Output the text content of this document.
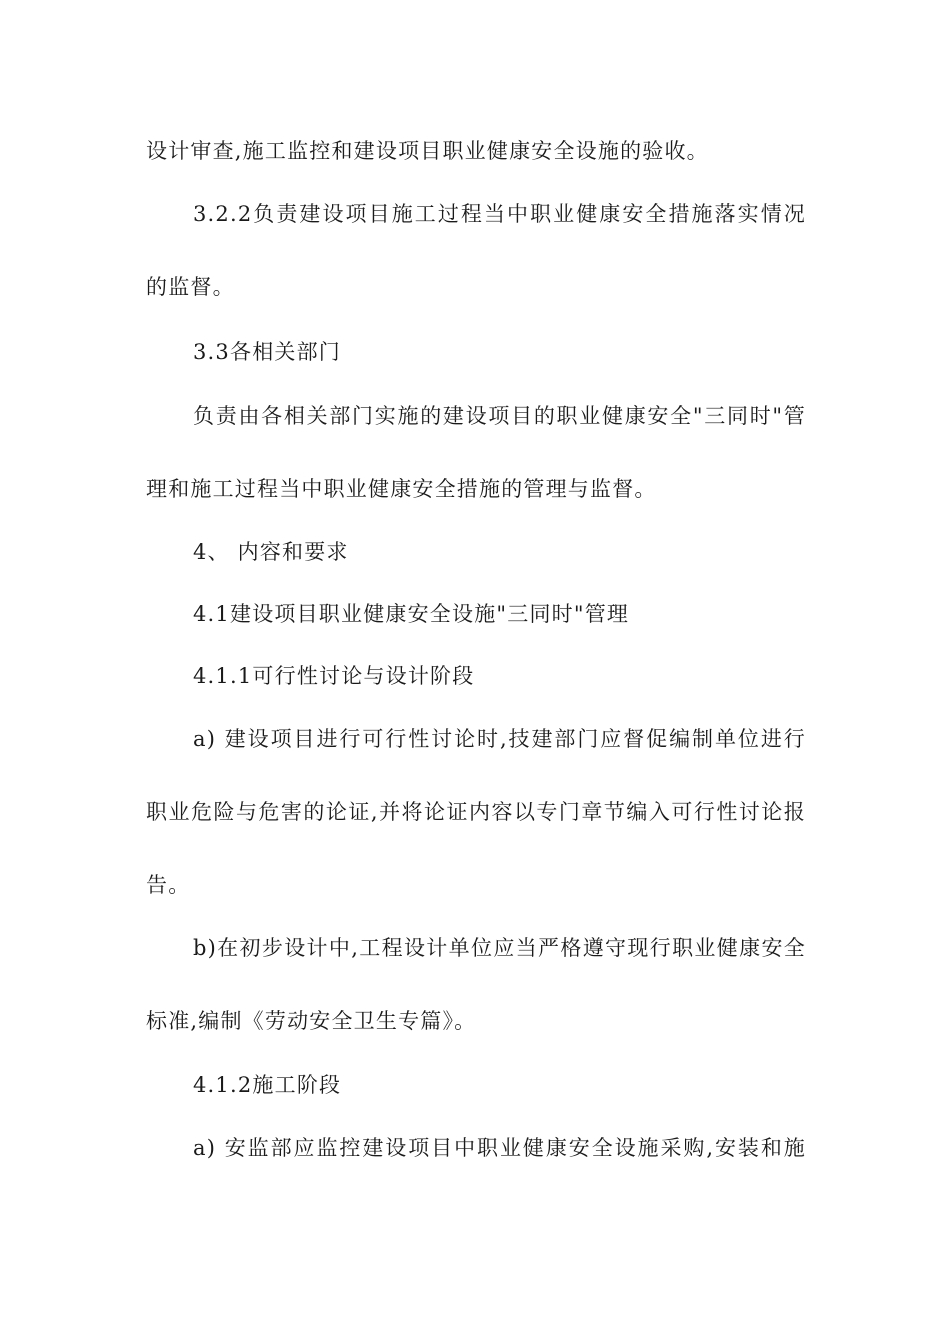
设计审查,施工监控和建设项目职业健康安全设施的验收。
3.2.2负责建设项目施工过程当中职业健康安全措施落实情况
的监督。
3.3各相关部门
负责由各相关部门实施的建设项目的职业健康安全"三同时"管
理和施工过程当中职业健康安全措施的管理与监督。
4、 内容和要求
4.1建设项目职业健康安全设施"三同时"管理
4.1.1可行性讨论与设计阶段
a) 建设项目进行可行性讨论时,技建部门应督促编制单位进行
职业危险与危害的论证,并将论证内容以专门章节编入可行性讨论报
告。
b)在初步设计中,工程设计单位应当严格遵守现行职业健康安全
标准,编制《劳动安全卫生专篇》。
4.1.2施工阶段
a) 安监部应监控建设项目中职业健康安全设施采购,安装和施
